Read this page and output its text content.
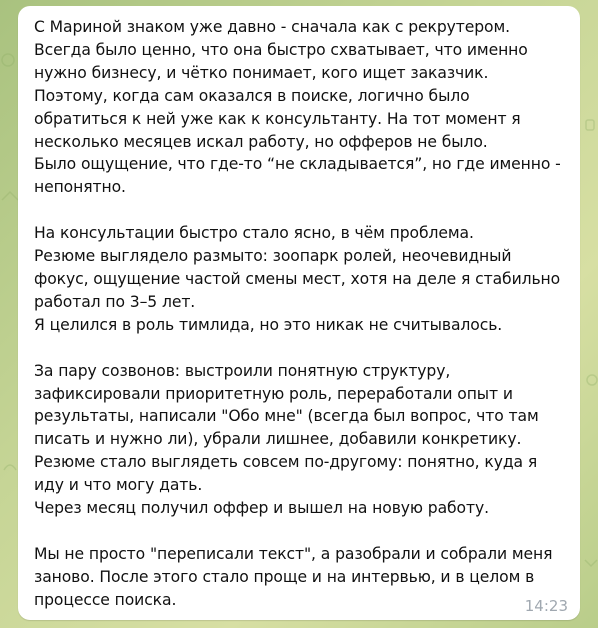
С Мариной знаком уже давно - сначала как с рекрутером.
Всегда было ценно, что она быстро схватывает, что именно нужно бизнесу, и чётко понимает, кого ищет заказчик.
Поэтому, когда сам оказался в поиске, логично было обратиться к ней уже как к консультанту. На тот момент я несколько месяцев искал работу, но офферов не было.
Было ощущение, что где-то “не складывается”, но где именно - непонятно.

На консультации быстро стало ясно, в чём проблема.
Резюме выглядело размыто: зоопарк ролей, неочевидный фокус, ощущение частой смены мест, хотя на деле я стабильно работал по 3–5 лет.
Я целился в роль тимлида, но это никак не считывалось.

За пару созвонов: выстроили понятную структуру, зафиксировали приоритетную роль, переработали опыт и результаты, написали "Обо мне" (всегда был вопрос, что там писать и нужно ли), убрали лишнее, добавили конкретику.
Резюме стало выглядеть совсем по-другому: понятно, куда я иду и что могу дать.
Через месяц получил оффер и вышел на новую работу.

Мы не просто "переписали текст", а разобрали и собрали меня заново. После этого стало проще и на интервью, и в целом в процессе поиска.	14:23
